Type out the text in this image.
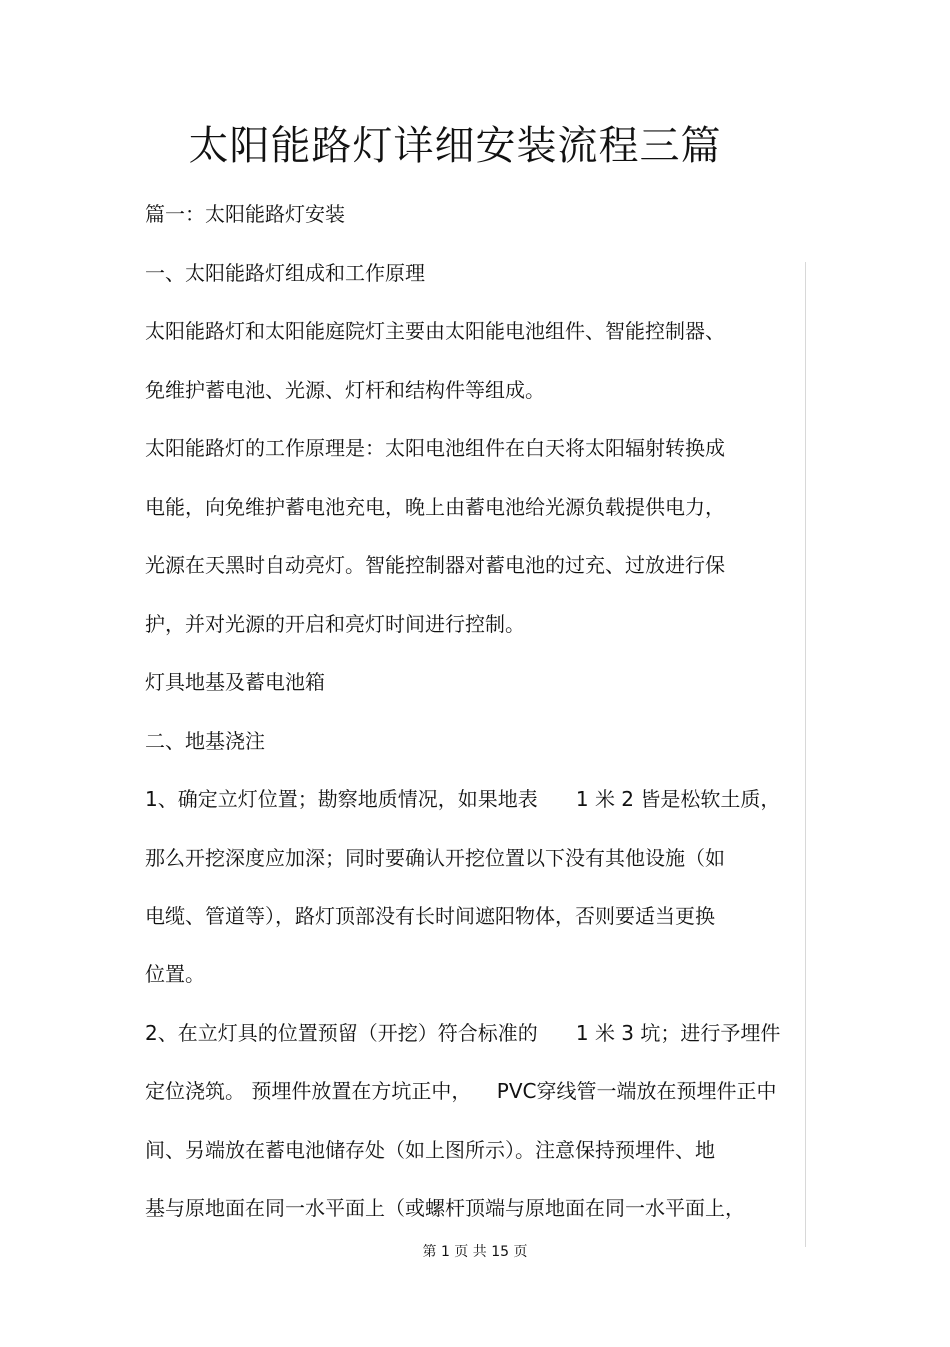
太阳能路灯详细安装流程三篇

篇一：太阳能路灯安装

一、太阳能路灯组成和工作原理

太阳能路灯和太阳能庭院灯主要由太阳能电池组件、智能控制器、

免维护蓄电池、光源、灯杆和结构件等组成。

太阳能路灯的工作原理是：太阳电池组件在白天将太阳辐射转换成

电能，向免维护蓄电池充电，晚上由蓄电池给光源负载提供电力，

光源在天黑时自动亮灯。智能控制器对蓄电池的过充、过放进行保

护，并对光源的开启和亮灯时间进行控制。

灯具地基及蓄电池箱

二、地基浇注

1、确定立灯位置；勘察地质情况，如果地表      1 米 2 皆是松软土质，

那么开挖深度应加深；同时要确认开挖位置以下没有其他设施（如

电缆、管道等），路灯顶部没有长时间遮阳物体，否则要适当更换

位置。

2、在立灯具的位置预留（开挖）符合标准的      1 米 3 坑；进行予埋件

定位浇筑。 预埋件放置在方坑正中，    PVC穿线管一端放在预埋件正中

间、另端放在蓄电池储存处（如上图所示）。注意保持预埋件、地

基与原地面在同一水平面上（或螺杆顶端与原地面在同一水平面上，

第 1 页 共 15 页
